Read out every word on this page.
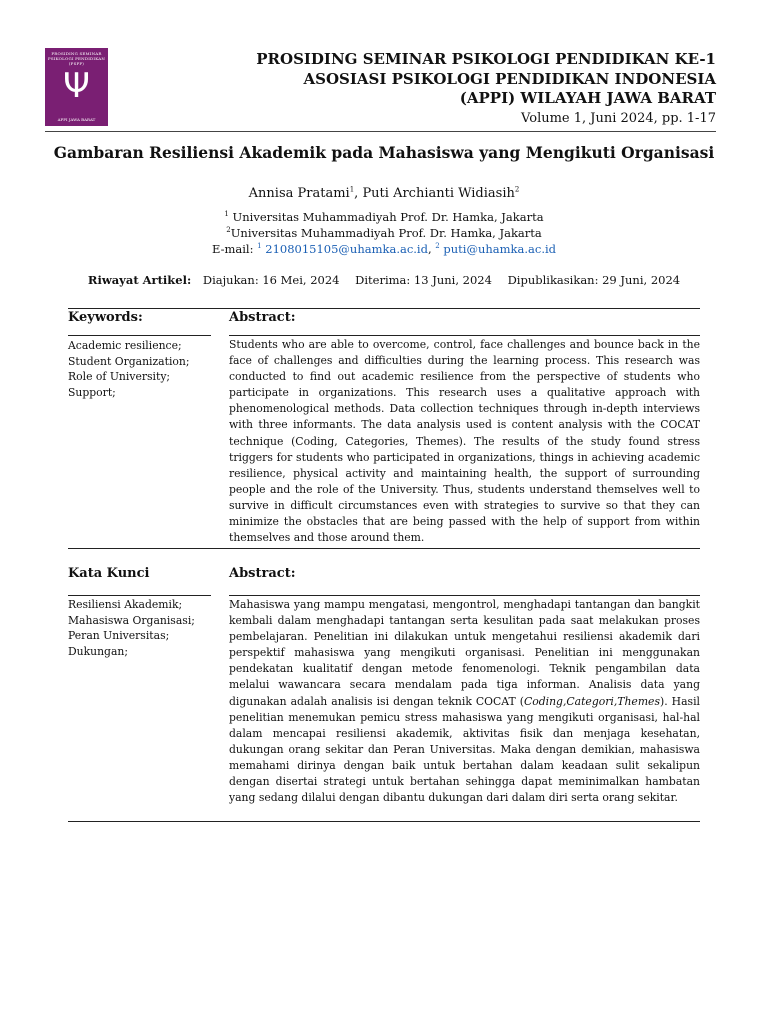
PROSIDING SEMINAR PSIKOLOGI PENDIDIKAN (PSPP)
Ψ
APPI JAWA BARAT
PROSIDING SEMINAR PSIKOLOGI PENDIDIKAN KE-1
ASOSIASI PSIKOLOGI PENDIDIKAN INDONESIA
(APPI) WILAYAH JAWA BARAT
Volume 1, Juni 2024, pp. 1-17
Gambaran Resiliensi Akademik pada Mahasiswa yang Mengikuti Organisasi
Annisa Pratami$^1$, Puti Archianti Widiasih$^2$
$^1$ Universitas Muhammadiyah Prof. Dr. Hamka, Jakarta
$^2$Universitas Muhammadiyah Prof. Dr. Hamka, Jakarta
E-mail: $^1$ 2108015105@uhamka.ac.id, $^2$ puti@uhamka.ac.id
Riwayat Artikel: Diajukan: 16 Mei, 2024 Diterima: 13 Juni, 2024 Dipublikasikan: 29 Juni, 2024
Keywords:	Abstract:
Academic resilience;
Student Organization;
Role of University;
Support;
Students who are able to overcome, control, face challenges and bounce back in the face of challenges and difficulties during the learning process. This research was conducted to find out academic resilience from the perspective of students who participate in organizations. This research uses a qualitative approach with phenomenological methods. Data collection techniques through in-depth interviews with three informants. The data analysis used is content analysis with the COCAT technique (Coding, Categories, Themes). The results of the study found stress triggers for students who participated in organizations, things in achieving academic resilience, physical activity and maintaining health, the support of surrounding people and the role of the University. Thus, students understand themselves well to survive in difficult circumstances even with strategies to survive so that they can minimize the obstacles that are being passed with the help of support from within themselves and those around them.
Kata Kunci	Abstract:
Resiliensi Akademik;
Mahasiswa Organisasi;
Peran Universitas;
Dukungan;
Mahasiswa yang mampu mengatasi, mengontrol, menghadapi tantangan dan bangkit kembali dalam menghadapi tantangan serta kesulitan pada saat melakukan proses pembelajaran. Penelitian ini dilakukan untuk mengetahui resiliensi akademik dari perspektif mahasiswa yang mengikuti organisasi. Penelitian ini menggunakan pendekatan kualitatif dengan metode fenomenologi. Teknik pengambilan data melalui wawancara secara mendalam pada tiga informan. Analisis data yang digunakan adalah analisis isi dengan teknik COCAT (Coding,Categori,Themes). Hasil penelitian menemukan pemicu stress mahasiswa yang mengikuti organisasi, hal-hal dalam mencapai resiliensi akademik, aktivitas fisik dan menjaga kesehatan, dukungan orang sekitar dan Peran Universitas. Maka dengan demikian, mahasiswa memahami dirinya dengan baik untuk bertahan dalam keadaan sulit sekalipun dengan disertai strategi untuk bertahan sehingga dapat meminimalkan hambatan yang sedang dilalui dengan dibantu dukungan dari dalam diri serta orang sekitar.
